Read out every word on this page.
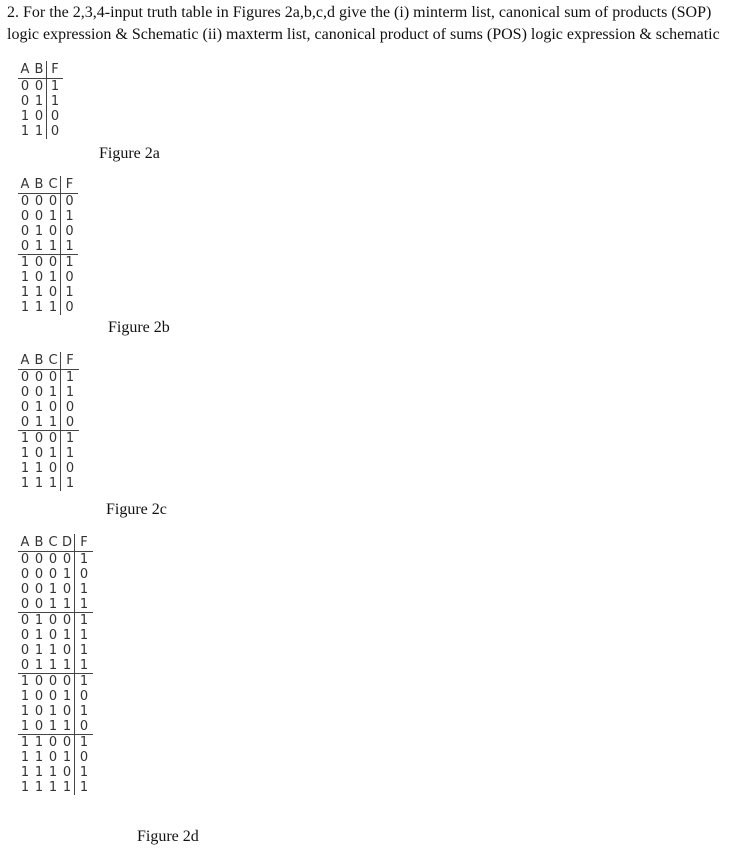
2. For the 2,3,4-input truth table in Figures 2a,b,c,d give the (i) minterm list, canonical sum of products (SOP)
logic expression & Schematic (ii) maxterm list, canonical product of sums (POS) logic expression & schematic
A B F
0 0 1
0 1 1
1 0 0
1 1 0
Figure 2a
A B C F
0 0 0 0
0 0 1 1
0 1 0 0
0 1 1 1
1 0 0 1
1 0 1 0
1 1 0 1
1 1 1 0
Figure 2b
A B C F
0 0 0 1
0 0 1 1
0 1 0 0
0 1 1 0
1 0 0 1
1 0 1 1
1 1 0 0
1 1 1 1
Figure 2c
A B C D F
0 0 0 0 1
0 0 0 1 0
0 0 1 0 1
0 0 1 1 1
0 1 0 0 1
0 1 0 1 1
0 1 1 0 1
0 1 1 1 1
1 0 0 0 1
1 0 0 1 0
1 0 1 0 1
1 0 1 1 0
1 1 0 0 1
1 1 0 1 0
1 1 1 0 1
1 1 1 1 1
Figure 2d
